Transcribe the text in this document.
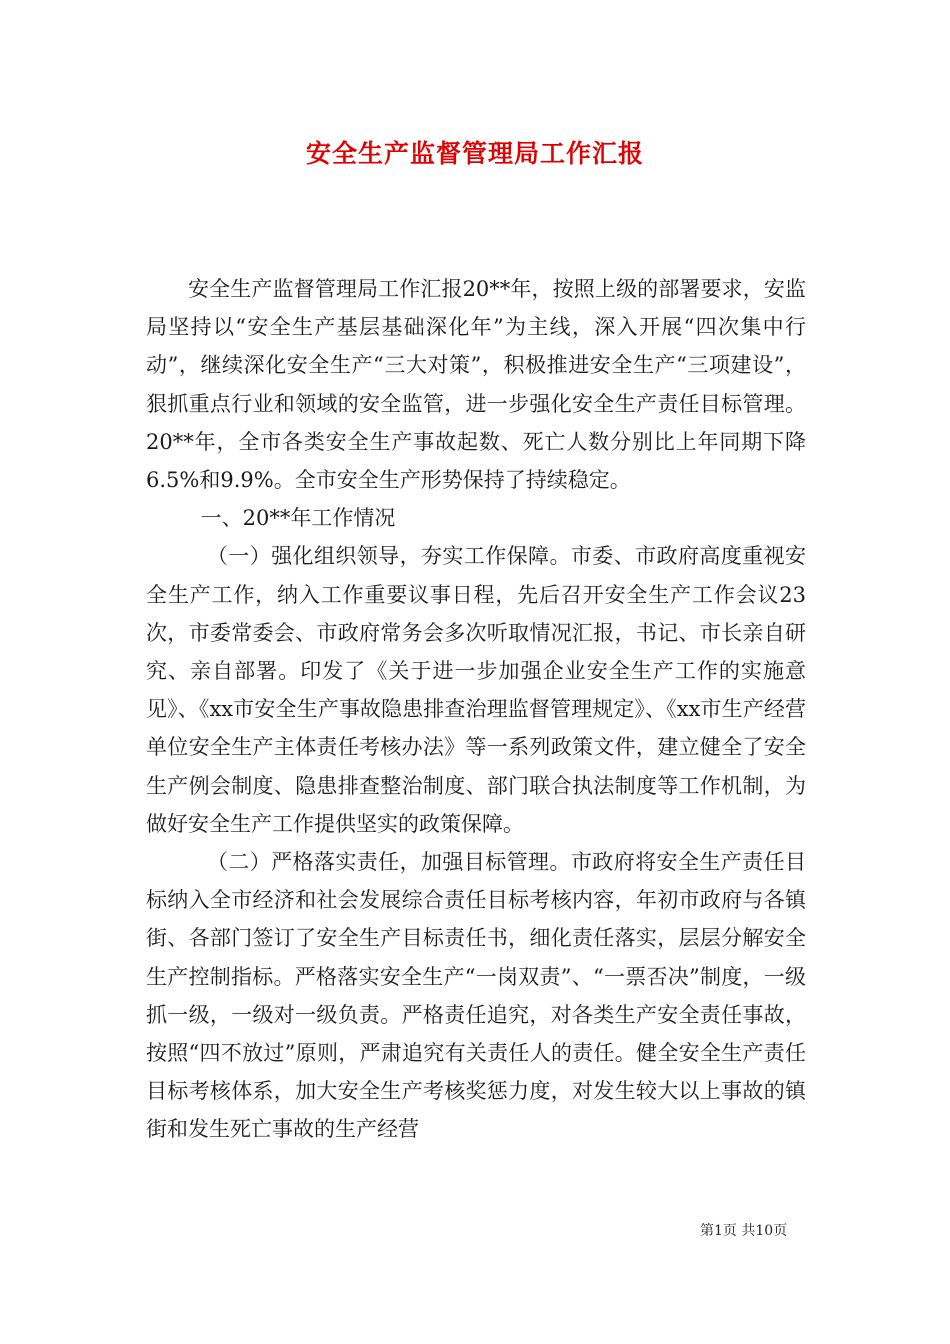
安全生产监督管理局工作汇报

安全生产监督管理局工作汇报20**年，按照上级的部署要求，安监局坚持以“安全生产基层基础深化年”为主线，深入开展“四次集中行动”，继续深化安全生产“三大对策”，积极推进安全生产“三项建设”，狠抓重点行业和领域的安全监管，进一步强化安全生产责任目标管理。20**年，全市各类安全生产事故起数、死亡人数分别比上年同期下降6.5%和9.9%。全市安全生产形势保持了持续稳定。

一、20**年工作情况

（一）强化组织领导，夯实工作保障。市委、市政府高度重视安全生产工作，纳入工作重要议事日程，先后召开安全生产工作会议23次，市委常委会、市政府常务会多次听取情况汇报，书记、市长亲自研究、亲自部署。印发了《关于进一步加强企业安全生产工作的实施意见》、《xx市安全生产事故隐患排查治理监督管理规定》、《xx市生产经营单位安全生产主体责任考核办法》等一系列政策文件，建立健全了安全生产例会制度、隐患排查整治制度、部门联合执法制度等工作机制，为做好安全生产工作提供坚实的政策保障。

（二）严格落实责任，加强目标管理。市政府将安全生产责任目标纳入全市经济和社会发展综合责任目标考核内容，年初市政府与各镇街、各部门签订了安全生产目标责任书，细化责任落实，层层分解安全生产控制指标。严格落实安全生产“一岗双责”、“一票否决”制度，一级抓一级，一级对一级负责。严格责任追究，对各类生产安全责任事故，按照“四不放过”原则，严肃追究有关责任人的责任。健全安全生产责任目标考核体系，加大安全生产考核奖惩力度，对发生较大以上事故的镇街和发生死亡事故的生产经营

第1页 共10页
